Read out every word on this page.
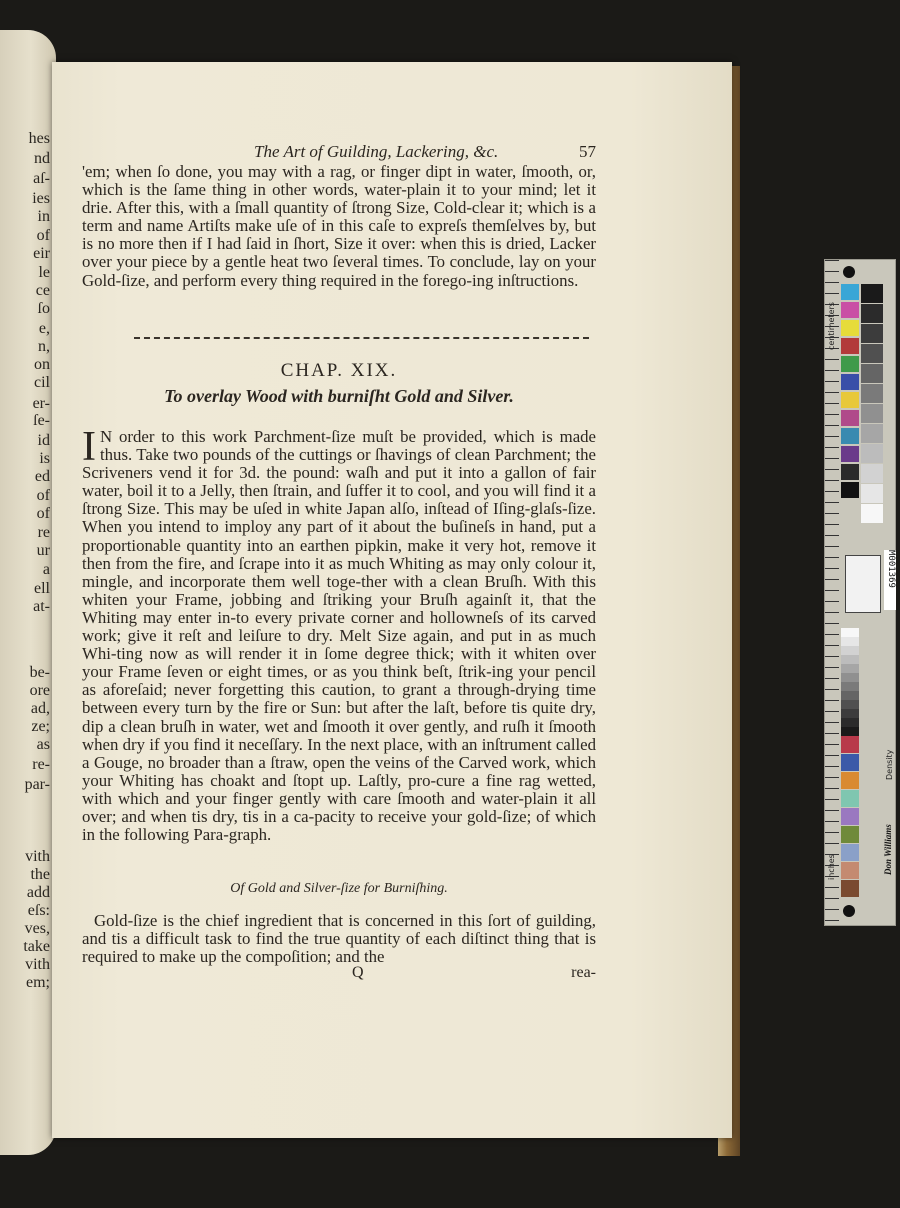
hes
nd
aſ-
ies
in
of
eir
le
ce
ſo
e,
n,
on
cil
er-
ſe-
id
is
ed
of
of
re
ur
a
ell
at-
be-
ore
ad,
ze;
as
re-
par-
vith
the
add
eſs:
ves,
take
vith
em;
The Art of Guilding, Lackering, &c.	57

'em; when ſo done, you may with a rag, or finger dipt in water, ſmooth, or, which is the ſame thing in other words, water-plain it to your mind; let it drie. After this, with a ſmall quantity of ſtrong Size, Cold-clear it; which is a term and name Artiſts make uſe of in this caſe to expreſs themſelves by, but is no more then if I had ſaid in ſhort, Size it over: when this is dried, Lacker over your piece by a gentle heat two ſeveral times. To conclude, lay on your Gold-ſize, and perform every thing required in the forego-ing inſtructions.

CHAP. XIX.
To overlay Wood with burniſht Gold and Silver.

I N order to this work Parchment-ſize muſt be provided, which is made thus. Take two pounds of the cuttings or ſhavings of clean Parchment; the Scriveners vend it for 3d. the pound: waſh and put it into a gallon of fair water, boil it to a Jelly, then ſtrain, and ſuffer it to cool, and you will find it a ſtrong Size. This may be uſed in white Japan alſo, inſtead of Iſing-glaſs-ſize. When you intend to imploy any part of it about the buſineſs in hand, put a proportionable quantity into an earthen pipkin, make it very hot, remove it then from the fire, and ſcrape into it as much Whiting as may only colour it, mingle, and incorporate them well toge-ther with a clean Bruſh. With this whiten your Frame, jobbing and ſtriking your Bruſh againſt it, that the Whiting may enter in-to every private corner and hollowneſs of its carved work; give it reſt and leiſure to dry. Melt Size again, and put in as much Whi-ting now as will render it in ſome degree thick; with it whiten over your Frame ſeven or eight times, or as you think beſt, ſtrik-ing your pencil as aforeſaid; never forgetting this caution, to grant a through-drying time between every turn by the fire or Sun: but after the laſt, before tis quite dry, dip a clean bruſh in water, wet and ſmooth it over gently, and ruſh it ſmooth when dry if you find it neceſſary. In the next place, with an inſtrument called a Gouge, no broader than a ſtraw, open the veins of the Carved work, which your Whiting has choakt and ſtopt up. Laſtly, pro-cure a fine rag wetted, with which and your finger gently with care ſmooth and water-plain it all over; and when tis dry, tis in a ca-pacity to receive your gold-ſize; of which in the following Para-graph.

Of Gold and Silver-ſize for Burniſhing.

Gold-ſize is the chief ingredient that is concerned in this ſort of guilding, and tis a difficult task to find the true quantity of each diſtinct thing that is required to make up the compoſition; and the

Q	rea-
centimeters
inches
M001369
Density
Don Williams
